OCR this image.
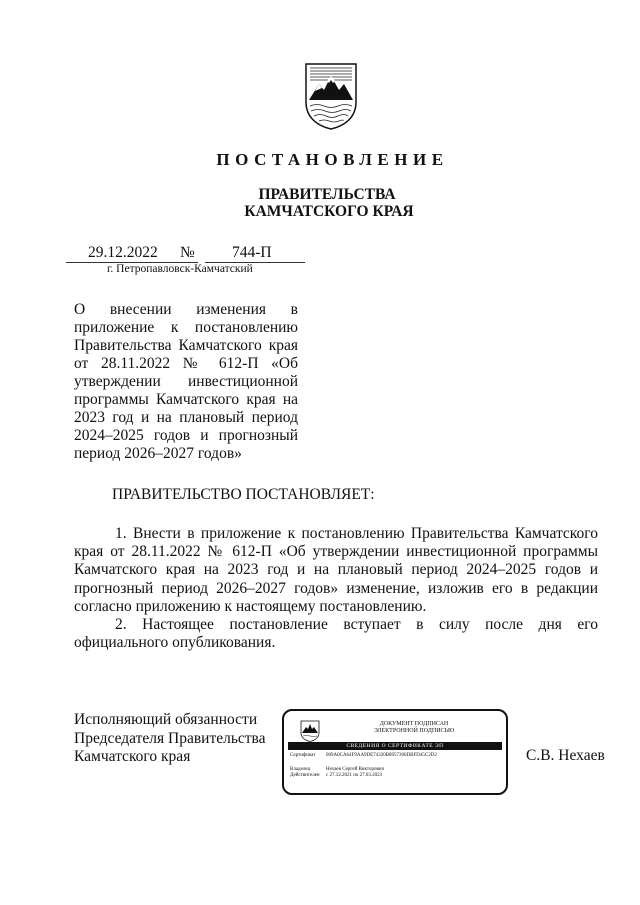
ПОСТАНОВЛЕНИЕ
ПРАВИТЕЛЬСТВА
КАМЧАТСКОГО КРАЯ
29.12.2022 № 744-П
г. Петропавловск-Камчатский
О внесении изменения в приложение к постановлению Правительства Камчатского края от 28.11.2022 № 612-П «Об утверждении инвестиционной программы Камчатского края на 2023 год и на плановый период 2024–2025 годов и прогнозный период 2026–2027 годов»
ПРАВИТЕЛЬСТВО ПОСТАНОВЛЯЕТ:

1. Внести в приложение к постановлению Правительства Камчатского края от 28.11.2022 № 612-П «Об утверждении инвестиционной программы Камчатского края на 2023 год и на плановый период 2024–2025 годов и прогнозный период 2026–2027 годов» изменение, изложив его в редакции согласно приложению к настоящему постановлению.

2. Настоящее постановление вступает в силу после дня его официального опубликования.

Исполняющий обязанности
Председателя Правительства
Камчатского края	С.В. Нехаев
ДОКУМЕНТ ПОДПИСАН
ЭЛЕКТРОННОЙ ПОДПИСЬЮ
СВЕДЕНИЯ О СЕРТИФИКАТЕ ЭП
Сертификат	009A0CA64F9AA9DE74320B8957306DBFD45C2D2
Владелец	Нехаев Сергей Викторович
Действителен	с 27.12.2021 по 27.03.2023
